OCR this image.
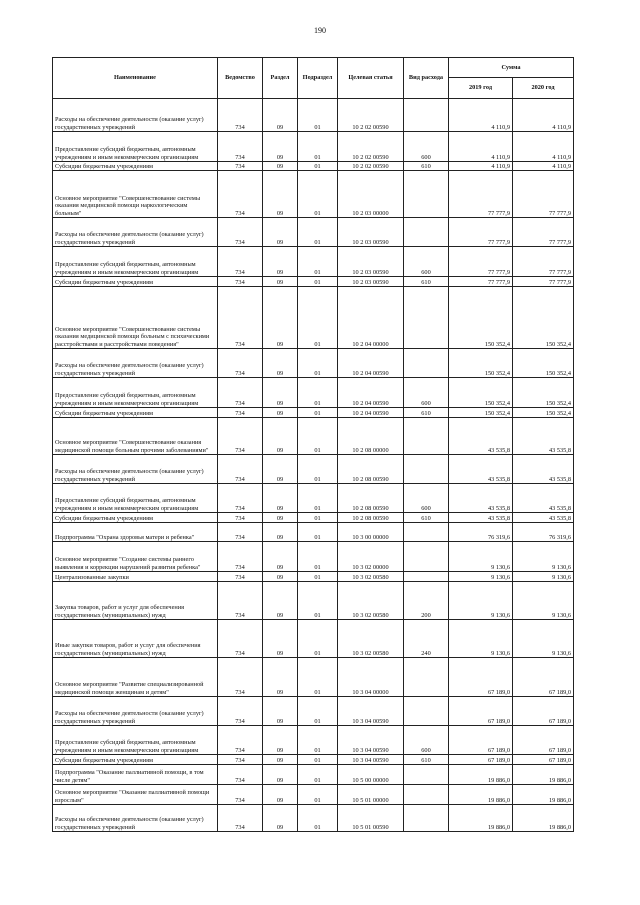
190
Наименование	Ведомство	Раздел	Подраздел	Целевая статья	Вид расхода	Сумма	
						2019 год	2020 год
Расходы на обеспечение деятельности (оказание услуг) государственных учреждений	734	09	01	10 2 02 00590		4 110,9	4 110,9
Предоставление субсидий бюджетным, автономным учреждениям и иным некоммерческим организациям	734	09	01	10 2 02 00590	600	4 110,9	4 110,9
Субсидии бюджетным учреждениям	734	09	01	10 2 02 00590	610	4 110,9	4 110,9
Основное мероприятие "Совершенствование системы оказания медицинской помощи наркологическим больным"	734	09	01	10 2 03 00000		77 777,9	77 777,9
Расходы на обеспечение деятельности (оказание услуг) государственных учреждений	734	09	01	10 2 03 00590		77 777,9	77 777,9
Предоставление субсидий бюджетным, автономным учреждениям и иным некоммерческим организациям	734	09	01	10 2 03 00590	600	77 777,9	77 777,9
Субсидии бюджетным учреждениям	734	09	01	10 2 03 00590	610	77 777,9	77 777,9
Основное мероприятие "Совершенствование системы оказания медицинской помощи больным с психическими расстройствами и расстройствами поведения"	734	09	01	10 2 04 00000		150 352,4	150 352,4
Расходы на обеспечение деятельности (оказание услуг) государственных учреждений	734	09	01	10 2 04 00590		150 352,4	150 352,4
Предоставление субсидий бюджетным, автономным учреждениям и иным некоммерческим организациям	734	09	01	10 2 04 00590	600	150 352,4	150 352,4
Субсидии бюджетным учреждениям	734	09	01	10 2 04 00590	610	150 352,4	150 352,4
Основное мероприятие "Совершенствование оказания медицинской помощи больным прочими заболеваниями"	734	09	01	10 2 08 00000		43 535,8	43 535,8
Расходы на обеспечение деятельности (оказание услуг) государственных учреждений	734	09	01	10 2 08 00590		43 535,8	43 535,8
Предоставление субсидий бюджетным, автономным учреждениям и иным некоммерческим организациям	734	09	01	10 2 08 00590	600	43 535,8	43 535,8
Субсидии бюджетным учреждениям	734	09	01	10 2 08 00590	610	43 535,8	43 535,8
Подпрограмма "Охрана здоровья матери и ребенка"	734	09	01	10 3 00 00000		76 319,6	76 319,6
Основное мероприятие "Создание системы раннего выявления и коррекции нарушений развития ребенка"	734	09	01	10 3 02 00000		9 130,6	9 130,6
Централизованные закупки	734	09	01	10 3 02 00580		9 130,6	9 130,6
Закупка товаров, работ и услуг для обеспечения государственных (муниципальных) нужд	734	09	01	10 3 02 00580	200	9 130,6	9 130,6
Иные закупки товаров, работ и услуг для обеспечения государственных (муниципальных) нужд	734	09	01	10 3 02 00580	240	9 130,6	9 130,6
Основное мероприятие "Развитие специализированной медицинской помощи женщинам и детям"	734	09	01	10 3 04 00000		67 189,0	67 189,0
Расходы на обеспечение деятельности (оказание услуг) государственных учреждений	734	09	01	10 3 04 00590		67 189,0	67 189,0
Предоставление субсидий бюджетным, автономным учреждениям и иным некоммерческим организациям	734	09	01	10 3 04 00590	600	67 189,0	67 189,0
Субсидии бюджетным учреждениям	734	09	01	10 3 04 00590	610	67 189,0	67 189,0
Подпрограмма "Оказание паллиативной помощи, в том числе детям"	734	09	01	10 5 00 00000		19 886,0	19 886,0
Основное мероприятие "Оказание паллиативной помощи взрослым"	734	09	01	10 5 01 00000		19 886,0	19 886,0
Расходы на обеспечение деятельности (оказание услуг) государственных учреждений	734	09	01	10 5 01 00590		19 886,0	19 886,0
